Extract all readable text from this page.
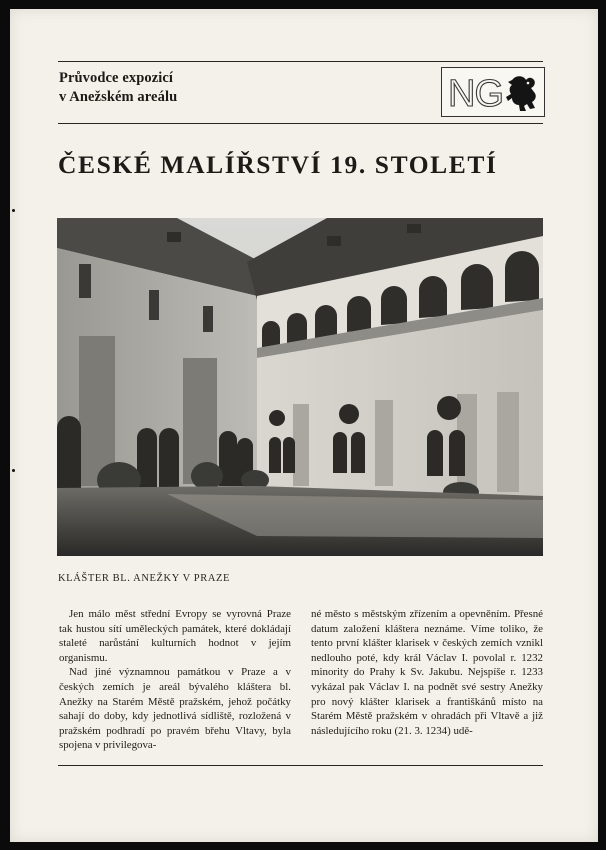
Průvodce expozicí
v Anežském areálu	NG
ČESKÉ MALÍŘSTVÍ 19. STOLETÍ
KLÁŠTER BL. ANEŽKY V PRAZE

Jen málo měst střední Evropy se vyrovná Praze tak hustou sítí uměleckých památek, které dokládají staleté narůstání kulturních hodnot v jejím organismu.

Nad jiné významnou památkou v Praze a v českých zemích je areál bývalého kláštera bl. Anežky na Starém Městě pražském, jehož počátky sahají do doby, kdy jednotlivá sídliště, rozložená v pražském podhradí po pravém břehu Vltavy, byla spojena v privilegova-

né město s městským zřízením a opevněním. Přesné datum založení kláštera neznáme. Víme toliko, že tento první klášter klarisek v českých zemích vznikl nedlouho poté, kdy král Václav I. povolal r. 1232 minority do Prahy k Sv. Jakubu. Nejspíše r. 1233 vykázal pak Václav I. na podnět své sestry Anežky pro nový klášter klarisek a františkánů místo na Starém Městě pražském v ohradách při Vltavě a již následujícího roku (21. 3. 1234) udě-
